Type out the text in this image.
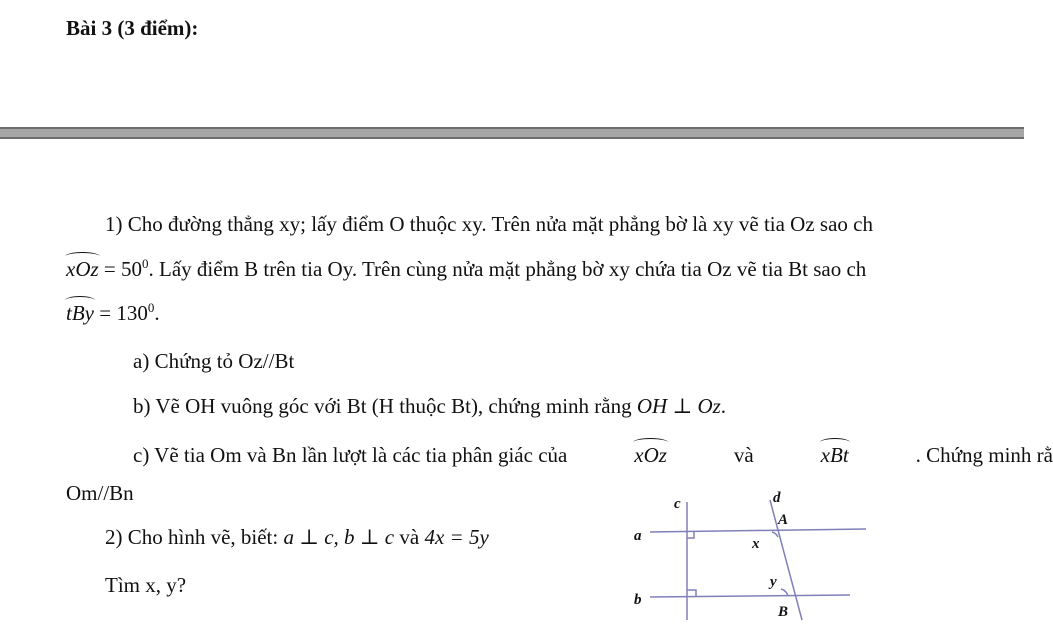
Bài 3 (3 điểm):
1) Cho đường thẳng xy; lấy điểm O thuộc xy. Trên nửa mặt phẳng bờ là xy vẽ tia Oz sao ch
xOz = $50^0$. Lấy điểm B trên tia Oy. Trên cùng nửa mặt phẳng bờ xy chứa tia Oz vẽ tia Bt sao ch
tBy = $130^0$.
a) Chứng tỏ Oz//Bt
b) Vẽ OH vuông góc với Bt (H thuộc Bt), chứng minh rằng OH ⊥ Oz.
c) Vẽ tia Om và Bn lần lượt là các tia phân giác của	xOz	và	xBt	. Chứng minh rằ
Om//Bn
2) Cho hình vẽ, biết: a ⊥ c, b ⊥ c và 4x = 5y
Tìm x, y?
a
b
c	d
A
B
x
y
